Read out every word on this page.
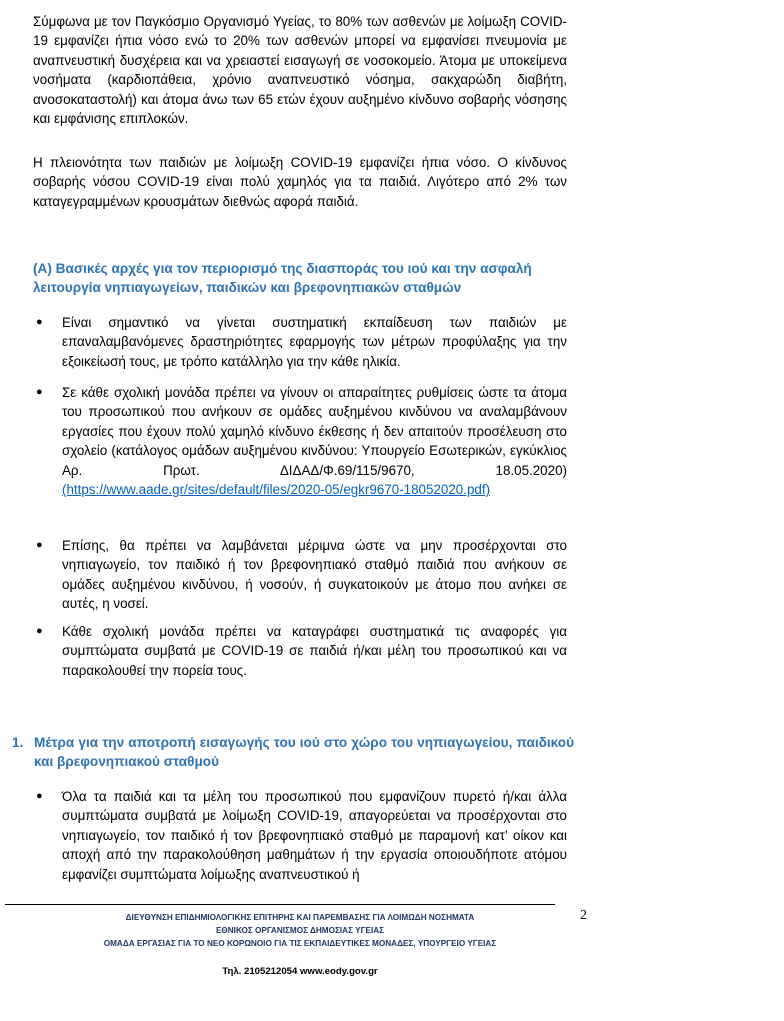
Σύμφωνα με τον Παγκόσμιο Οργανισμό Υγείας, το 80% των ασθενών με λοίμωξη COVID-19 εμφανίζει ήπια νόσο ενώ το 20% των ασθενών μπορεί να εμφανίσει πνευμονία με αναπνευστική δυσχέρεια και να χρειαστεί εισαγωγή σε νοσοκομείο. Άτομα με υποκείμενα νοσήματα (καρδιοπάθεια, χρόνιο αναπνευστικό νόσημα, σακχαρώδη διαβήτη, ανοσοκαταστολή) και άτομα άνω των 65 ετών έχουν αυξημένο κίνδυνο σοβαρής νόσησης και εμφάνισης επιπλοκών.

Η πλειονότητα των παιδιών με λοίμωξη COVID-19 εμφανίζει ήπια νόσο. Ο κίνδυνος σοβαρής νόσου COVID-19 είναι πολύ χαμηλός για τα παιδιά. Λιγότερο από 2% των καταγεγραμμένων κρουσμάτων διεθνώς αφορά παιδιά.

(Α) Βασικές αρχές για τον περιορισμό της διασποράς του ιού και την ασφαλή λειτουργία νηπιαγωγείων, παιδικών και βρεφονηπιακών σταθμών
● Είναι σημαντικό να γίνεται συστηματική εκπαίδευση των παιδιών με επαναλαμβανόμενες δραστηριότητες εφαρμογής των μέτρων προφύλαξης για την εξοικείωσή τους, με τρόπο κατάλληλο για την κάθε ηλικία.

● Σε κάθε σχολική μονάδα πρέπει να γίνουν οι απαραίτητες ρυθμίσεις ώστε τα άτομα του προσωπικού που ανήκουν σε ομάδες αυξημένου κινδύνου να αναλαμβάνουν εργασίες που έχουν πολύ χαμηλό κίνδυνο έκθεσης ή δεν απαιτούν προσέλευση στο σχολείο (κατάλογος ομάδων αυξημένου κινδύνου: Υπουργείο Εσωτερικών, εγκύκλιος Αρ. Πρωτ. ΔΙΔΑΔ/Φ.69/115/9670, 18.05.2020) (https://www.aade.gr/sites/default/files/2020-05/egkr9670-18052020.pdf)

● Επίσης, θα πρέπει να λαμβάνεται μέριμνα ώστε να μην προσέρχονται στο νηπιαγωγείο, τον παιδικό ή τον βρεφονηπιακό σταθμό παιδιά που ανήκουν σε ομάδες αυξημένου κινδύνου, ή νοσούν, ή συγκατοικούν με άτομο που ανήκει σε αυτές, η νοσεί.

● Κάθε σχολική μονάδα πρέπει να καταγράφει συστηματικά τις αναφορές για συμπτώματα συμβατά με COVID-19 σε παιδιά ή/και μέλη του προσωπικού και να παρακολουθεί την πορεία τους.

1. Μέτρα για την αποτροπή εισαγωγής του ιού στο χώρο του νηπιαγωγείου, παιδικού και βρεφονηπιακού σταθμού

● Όλα τα παιδιά και τα μέλη του προσωπικού που εμφανίζουν πυρετό ή/και άλλα συμπτώματα συμβατά με λοίμωξη COVID-19, απαγορεύεται να προσέρχονται στο νηπιαγωγείο, τον παιδικό ή τον βρεφονηπιακό σταθμό με παραμονή κατ’ οίκον και αποχή από την παρακολούθηση μαθημάτων ή την εργασία οποιουδήποτε ατόμου εμφανίζει συμπτώματα λοίμωξης αναπνευστικού ή

2
ΔΙΕΥΘΥΝΣΗ ΕΠΙΔΗΜΙΟΛΟΓΙΚΗΣ ΕΠΙΤΗΡΗΣ ΚΑΙ ΠΑΡΕΜΒΑΣΗΣ ΓΙΑ ΛΟΙΜΩΔΗ ΝΟΣΗΜΑΤΑ
ΕΘΝΙΚΟΣ ΟΡΓΑΝΙΣΜΟΣ ΔΗΜΟΣΙΑΣ ΥΓΕΙΑΣ
ΟΜΑΔΑ ΕΡΓΑΣΙΑΣ ΓΙΑ ΤΟ ΝΕΟ ΚΟΡΩΝΟΙΟ ΓΙΑ ΤΙΣ ΕΚΠΑΙΔΕΥΤΙΚΕΣ ΜΟΝΑΔΕΣ, ΥΠΟΥΡΓΕΙΟ ΥΓΕΙΑΣ
Τηλ. 2105212054 www.eody.gov.gr
